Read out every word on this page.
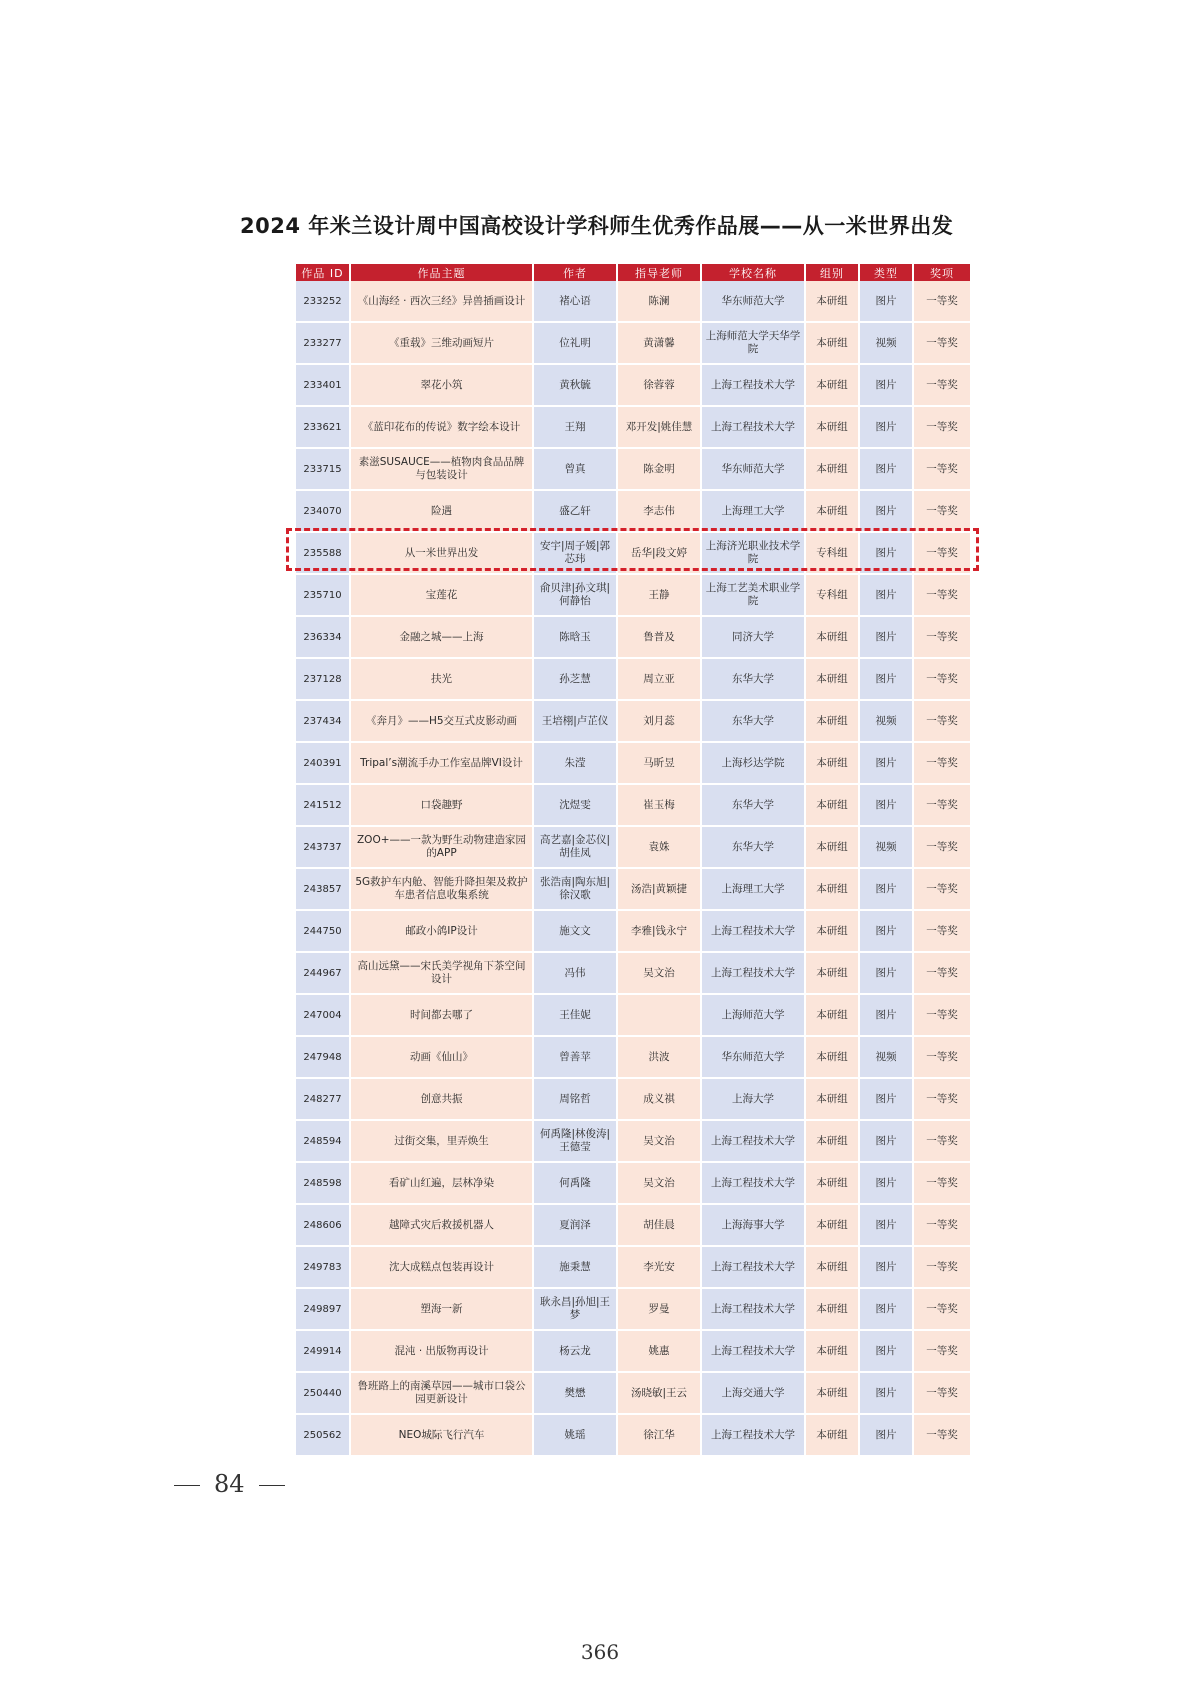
2024 年米兰设计周中国高校设计学科师生优秀作品展——从一米世界出发
作品 ID	作品主题	作者	指导老师	学校名称	组别	类型	奖项
233252	《山海经 · 西次三经》异兽插画设计	褚心语	陈澜	华东师范大学	本研组	图片	一等奖
233277	《重载》三维动画短片	位礼明	黄潇馨	上海师范大学天华学院	本研组	视频	一等奖
233401	翠花小筑	黄秋毓	徐蓉蓉	上海工程技术大学	本研组	图片	一等奖
233621	《蓝印花布的传说》数字绘本设计	王翔	邓开发|姚佳慧	上海工程技术大学	本研组	图片	一等奖
233715	素滋SUSAUCE——植物肉食品品牌与包装设计	曾真	陈金明	华东师范大学	本研组	图片	一等奖
234070	险遇	盛乙轩	李志伟	上海理工大学	本研组	图片	一等奖
235588	从一米世界出发	安宇|周子媛|郭芯玮	岳华|段文婷	上海济光职业技术学院	专科组	图片	一等奖
235710	宝莲花	俞贝津|孙文琪|何静怡	王静	上海工艺美术职业学院	专科组	图片	一等奖
236334	金融之城——上海	陈晗玉	鲁普及	同济大学	本研组	图片	一等奖
237128	扶光	孙芝慧	周立亚	东华大学	本研组	图片	一等奖
237434	《奔月》——H5交互式皮影动画	王培栩|卢芷仪	刘月蕊	东华大学	本研组	视频	一等奖
240391	Tripal’s潮流手办工作室品牌VI设计	朱滢	马昕昱	上海杉达学院	本研组	图片	一等奖
241512	口袋趣野	沈煜雯	崔玉梅	东华大学	本研组	图片	一等奖
243737	ZOO+——一款为野生动物建造家园的APP	高艺嘉|金芯仪|胡佳凤	袁姝	东华大学	本研组	视频	一等奖
243857	5G救护车内舱、智能升降担架及救护车患者信息收集系统	张浩南|陶东旭|徐汉歌	汤浩|黄颖捷	上海理工大学	本研组	图片	一等奖
244750	邮政小鸽IP设计	施文文	李雅|钱永宁	上海工程技术大学	本研组	图片	一等奖
244967	高山远黛——宋氏美学视角下茶空间设计	冯伟	吴文治	上海工程技术大学	本研组	图片	一等奖
247004	时间都去哪了	王佳妮		上海师范大学	本研组	图片	一等奖
247948	动画《仙山》	曾善苹	洪波	华东师范大学	本研组	视频	一等奖
248277	创意共振	周铭哲	成义祺	上海大学	本研组	图片	一等奖
248594	过街交集，里弄焕生	何禹隆|林俊涛|王德莹	吴文治	上海工程技术大学	本研组	图片	一等奖
248598	看矿山红遍，层林净染	何禹隆	吴文治	上海工程技术大学	本研组	图片	一等奖
248606	越障式灾后救援机器人	夏润泽	胡佳晨	上海海事大学	本研组	图片	一等奖
249783	沈大成糕点包装再设计	施秉慧	李光安	上海工程技术大学	本研组	图片	一等奖
249897	塑海一新	耿永昌|孙旭|王梦	罗曼	上海工程技术大学	本研组	图片	一等奖
249914	混沌 · 出版物再设计	杨云龙	姚惠	上海工程技术大学	本研组	图片	一等奖
250440	鲁班路上的南溪草园——城市口袋公园更新设计	樊懋	汤晓敏|王云	上海交通大学	本研组	图片	一等奖
250562	NEO城际飞行汽车	姚瑶	徐江华	上海工程技术大学	本研组	图片	一等奖
84
366
